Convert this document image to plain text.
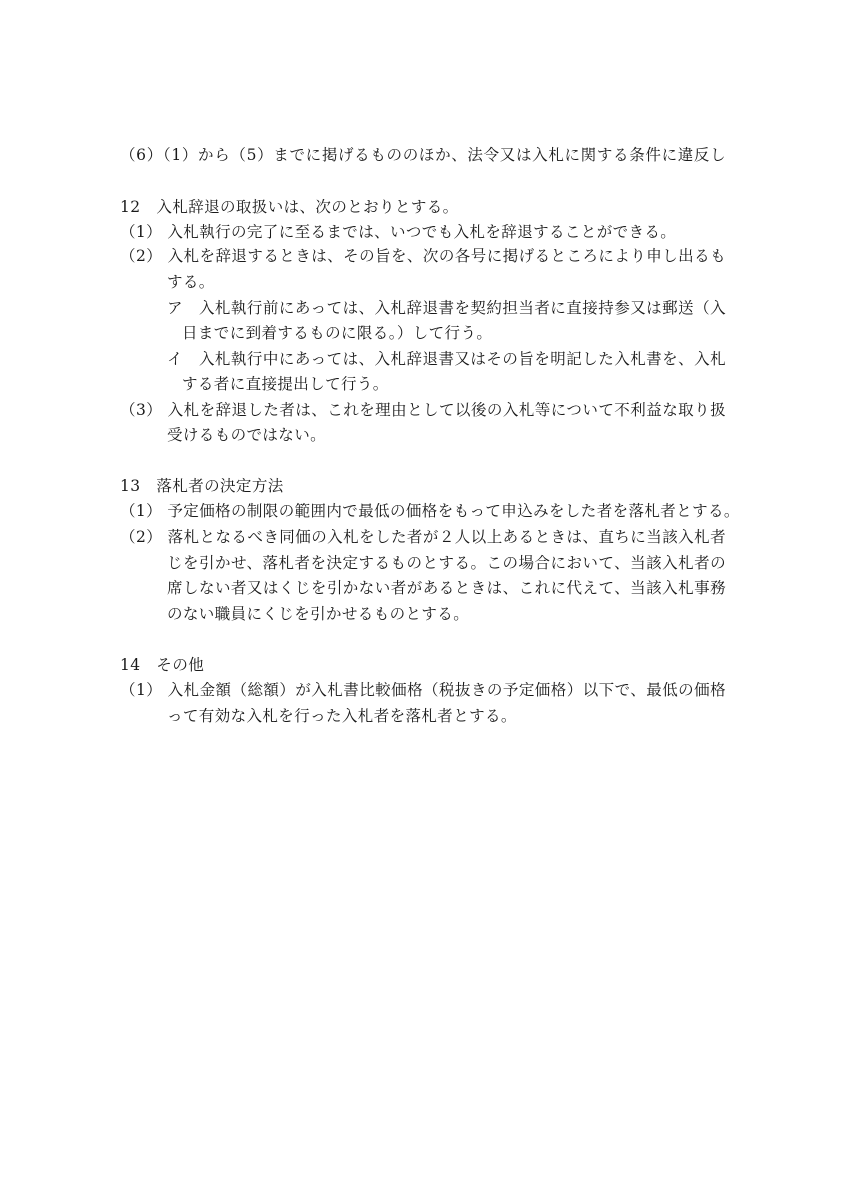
（6）（1）から（5）までに掲げるもののほか、法令又は入札に関する条件に違反し
12　入札辞退の取扱いは、次のとおりとする。
（1） 入札執行の完了に至るまでは、いつでも入札を辞退することができる。
（2） 入札を辞退するときは、その旨を、次の各号に掲げるところにより申し出るも
する。
ア　入札執行前にあっては、入札辞退書を契約担当者に直接持参又は郵送（入
日までに到着するものに限る。）して行う。
イ　入札執行中にあっては、入札辞退書又はその旨を明記した入札書を、入札
する者に直接提出して行う。
（3） 入札を辞退した者は、これを理由として以後の入札等について不利益な取り扱
受けるものではない。
13　落札者の決定方法
（1） 予定価格の制限の範囲内で最低の価格をもって申込みをした者を落札者とする。
（2） 落札となるべき同価の入札をした者が２人以上あるときは、直ちに当該入札者
じを引かせ、落札者を決定するものとする。この場合において、当該入札者の
席しない者又はくじを引かない者があるときは、これに代えて、当該入札事務
のない職員にくじを引かせるものとする。
14　その他
（1） 入札金額（総額）が入札書比較価格（税抜きの予定価格）以下で、最低の価格
って有効な入札を行った入札者を落札者とする。
